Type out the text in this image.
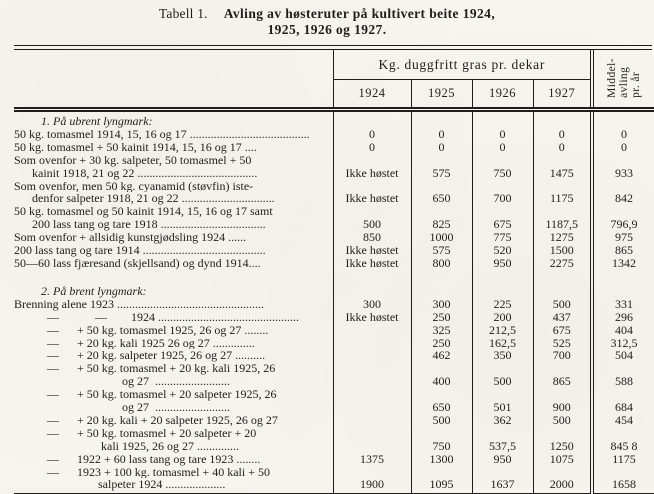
Tabell 1. Avling av høsteruter på kultivert beite 1924,
1925, 1926 og 1927.
	Kg. duggfritt gras pr. dekar				Middel- avling pr. år

	1924	1925	1926	1927	

1. På ubrent lyngmark:					

50 kg. tomasmel 1914, 15, 16 og 17 ........................................	0	0	0	0	0

50 kg. tomasmel + 50 kainit 1914, 15, 16 og 17 ....	0	0	0	0	0

Som ovenfor + 30 kg. salpeter, 50 tomasmel + 50
kainit 1918, 21 og 22 ........................................	Ikke høstet	575	750	1475	933

Som ovenfor, men 50 kg. cyanamid (støvfin) iste-
denfor salpeter 1918, 21 og 22 ...............................	Ikke høstet	650	700	1175	842

50 kg. tomasmel og 50 kainit 1914, 15, 16 og 17 samt
200 lass tang og tare 1918 ...................................	500	825	675	1187,5	796,9

Som ovenfor + allsidig kunstgjødsling 1924 ......	850	1000	775	1275	975

200 lass tang og tare 1914 .........................................	Ikke høstet	575	520	1500	865

50—60 lass fjæresand (skjellsand) og dynd 1914....	Ikke høstet	800	950	2275	1342

2. På brent lyngmark:					

Brenning alene 1923 .................................................	300	300	225	500	331

—            —        1924 ...............................................	Ikke høstet	250	200	437	296

—      + 50 kg. tomasmel 1925, 26 og 27 ........		325	212,5	675	404

—      + 20 kg. kali 1925 26 og 27 ..............		250	162,5	525	312,5

—      + 20 kg. salpeter 1925, 26 og 27 ..........		462	350	700	504

—      + 50 kg. tomasmel + 20 kg. kali 1925, 26
og 27  .........................		400	500	865	588

—      + 50 kg. tomasmel + 20 salpeter 1925, 26
og 27  .........................		650	501	900	684

—      + 20 kg. kali + 20 salpeter 1925, 26 og 27		500	362	500	454

—      + 50 kg. tomasmel + 20 salpeter + 20
kali 1925, 26 og 27 ..............		750	537,5	1250	845 8

—      1922 + 60 lass tang og tare 1923 ........	1375	1300	950	1075	1175

—      1923 + 100 kg. tomasmel + 40 kali + 50
salpeter 1924 ....................	1900	1095	1637	2000	1658
